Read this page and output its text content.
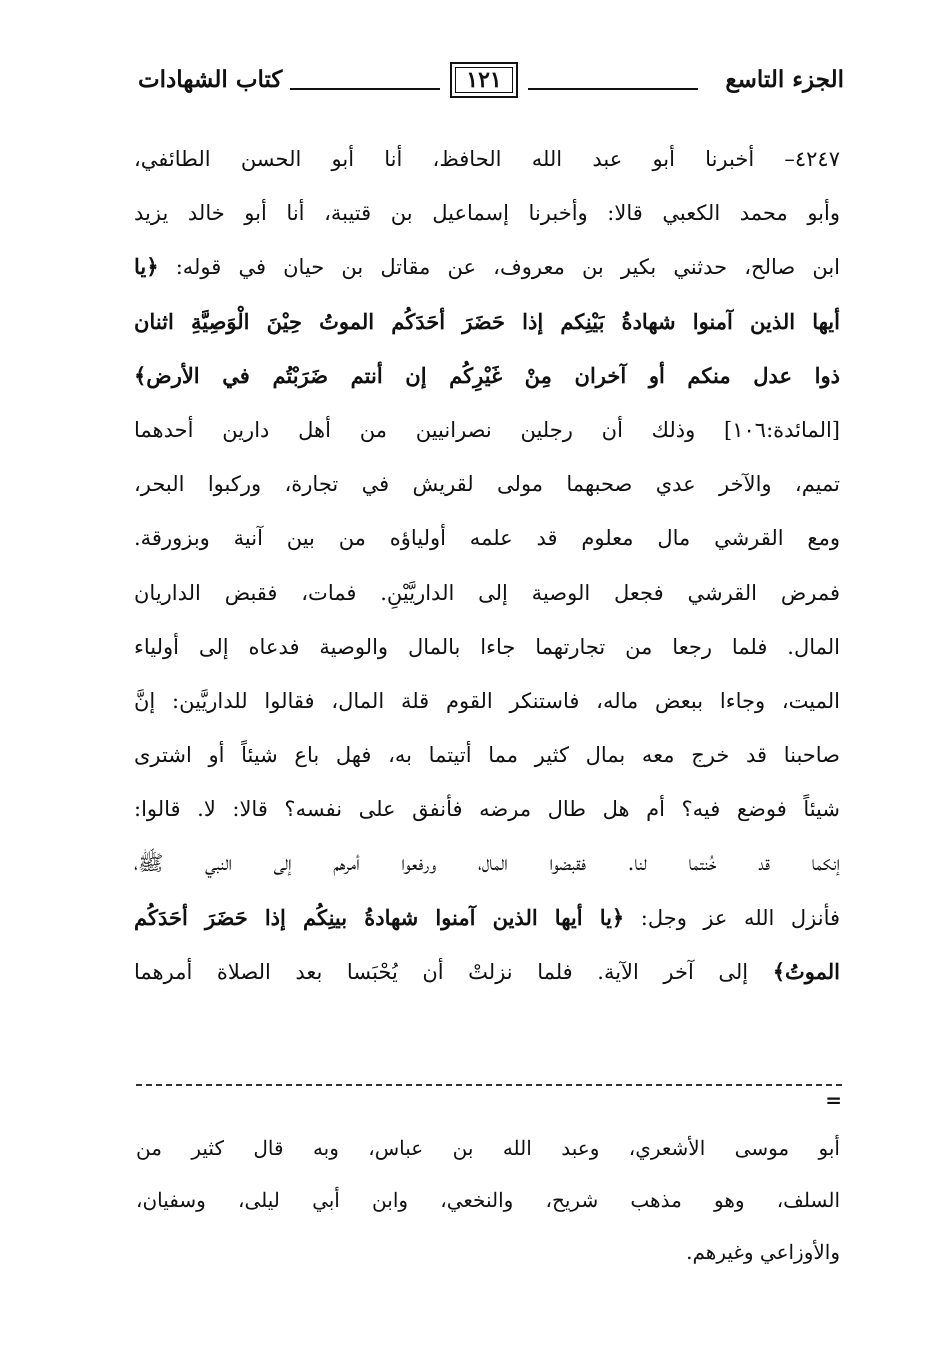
كتاب الشهادات	١٢١	الجزء التاسع
٤٢٤٧– أخبرنا أبو عبد الله الحافظ، أنا أبو الحسن الطائفي،
وأبو محمد الكعبي قالا: وأخبرنا إسماعيل بن قتيبة، أنا أبو خالد يزيد
ابن صالح، حدثني بكير بن معروف، عن مقاتل بن حيان في قوله: ﴿يا
أيها الذين آمنوا شهادةُ بَيْنِكم إذا حَضَرَ أحَدَكُم الموتُ حِيْنَ الْوَصِيَّةِ اثنان
ذوا عدل منكم أو آخران مِنْ غَيْرِكُم إن أنتم ضَرَبْتُم في الأرض﴾
[المائدة:١٠٦] وذلك أن رجلين نصرانيين من أهل دارين أحدهما
تميم، والآخر عدي صحبهما مولى لقريش في تجارة، وركبوا البحر،
ومع القرشي مال معلوم قد علمه أولياؤه من بين آنية وبزورقة.
فمرض القرشي فجعل الوصية إلى الداريَّيْنِ. فمات، فقبض الداريان
المال. فلما رجعا من تجارتهما جاءا بالمال والوصية فدعاه إلى أولياء
الميت، وجاءا ببعض ماله، فاستنكر القوم قلة المال، فقالوا للداريَّين: إنَّ
صاحبنا قد خرج معه بمال كثير مما أتيتما به، فهل باع شيئاً أو اشترى
شيئاً فوضع فيه؟ أم هل طال مرضه فأنفق على نفسه؟ قالا: لا. قالوا:
إنكما قد خُنتما لنا. فقبضوا المال، ورفعوا أمرهم إلى النبي ﷺ،
فأنزل الله عز وجل: ﴿يا أيها الذين آمنوا شهادةُ بينِكُم إذا حَضَرَ أحَدَكُم
الموتُ﴾ إلى آخر الآية. فلما نزلتْ أن يُحْبَسا بعد الصلاة أمرهما
=
أبو موسى الأشعري، وعبد الله بن عباس، وبه قال كثير من
السلف، وهو مذهب شريح، والنخعي، وابن أبي ليلى، وسفيان،
والأوزاعي وغيرهم.
